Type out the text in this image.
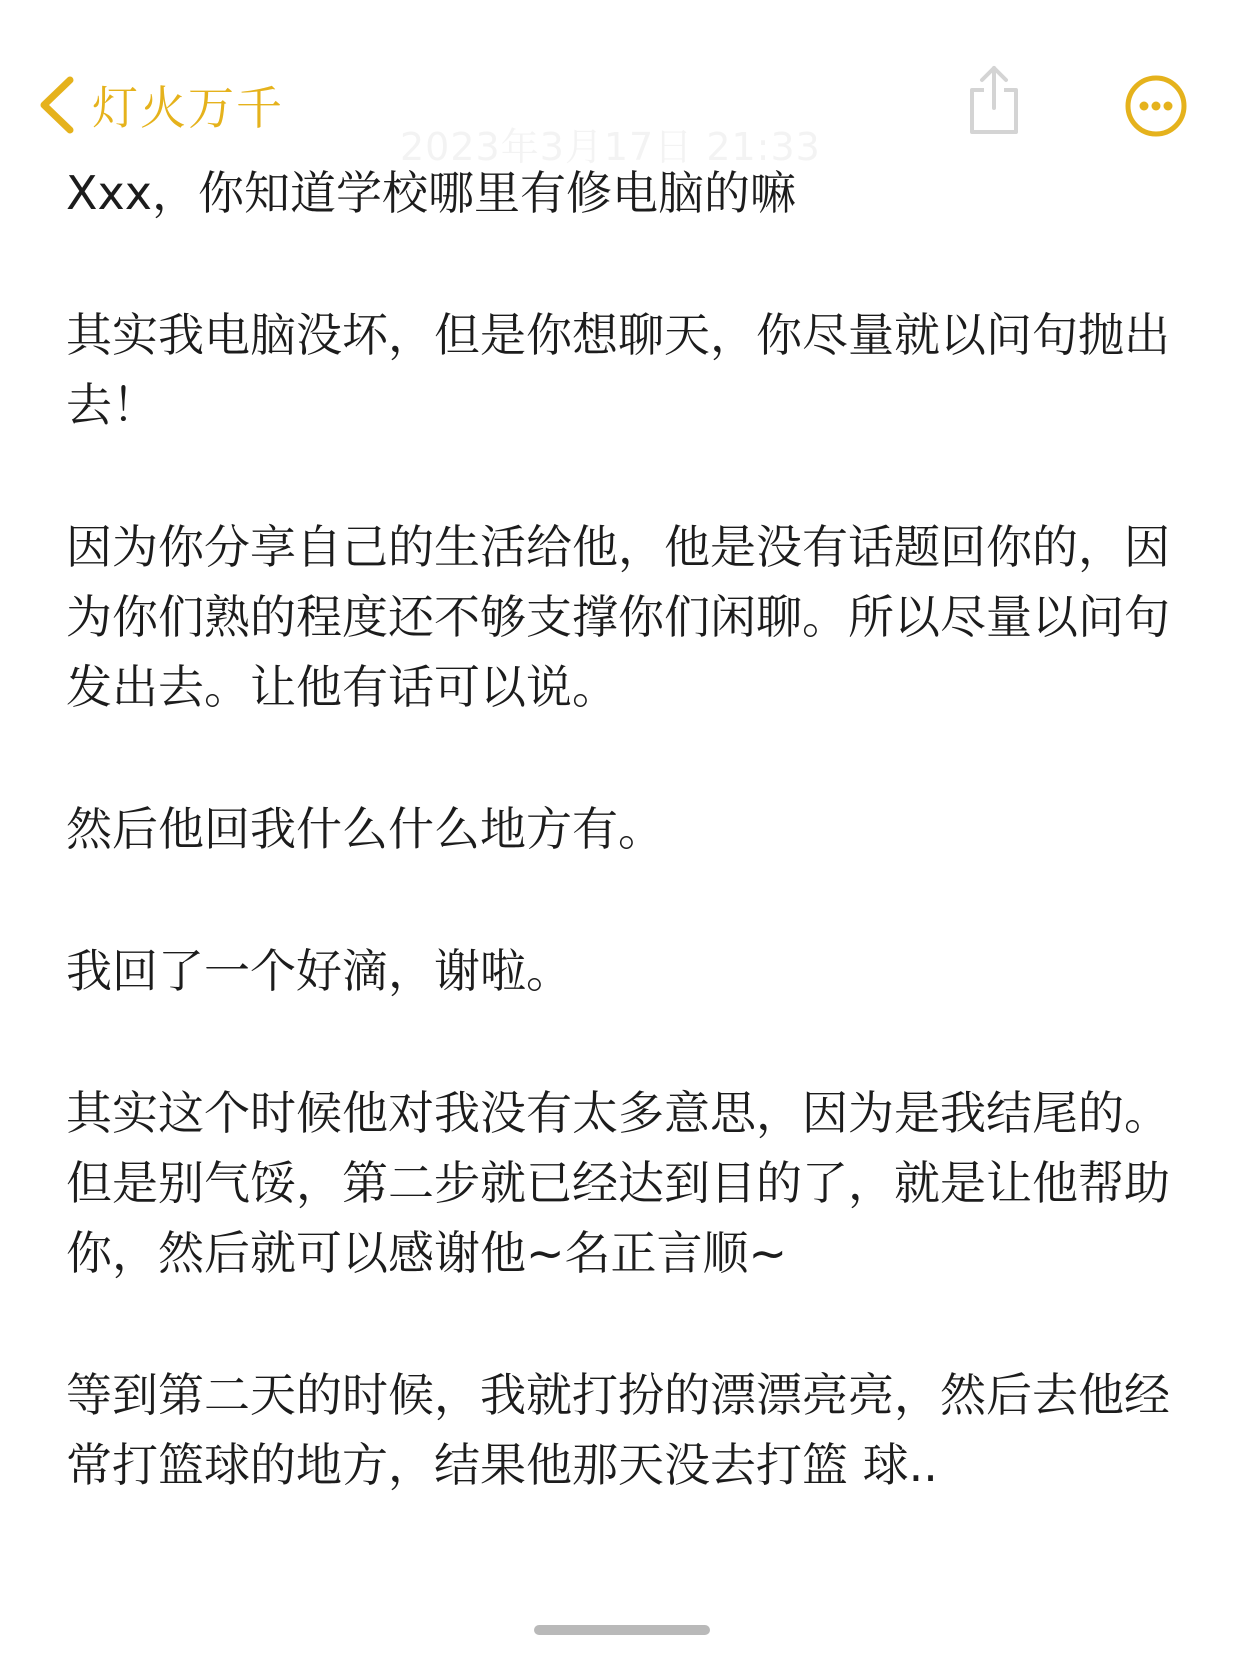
灯火万千
2023年3月17日 21:33

Xxx，你知道学校哪里有修电脑的嘛

其实我电脑没坏，但是你想聊天，你尽量就以问句抛出去！

因为你分享自己的生活给他，他是没有话题回你的，因为你们熟的程度还不够支撑你们闲聊。所以尽量以问句发出去。让他有话可以说。

然后他回我什么什么地方有。

我回了一个好滴，谢啦。

其实这个时候他对我没有太多意思，因为是我结尾的。但是别气馁，第二步就已经达到目的了，就是让他帮助你，然后就可以感谢他~名正言顺~

等到第二天的时候，我就打扮的漂漂亮亮，然后去他经常打篮球的地方，结果他那天没去打篮 球..
